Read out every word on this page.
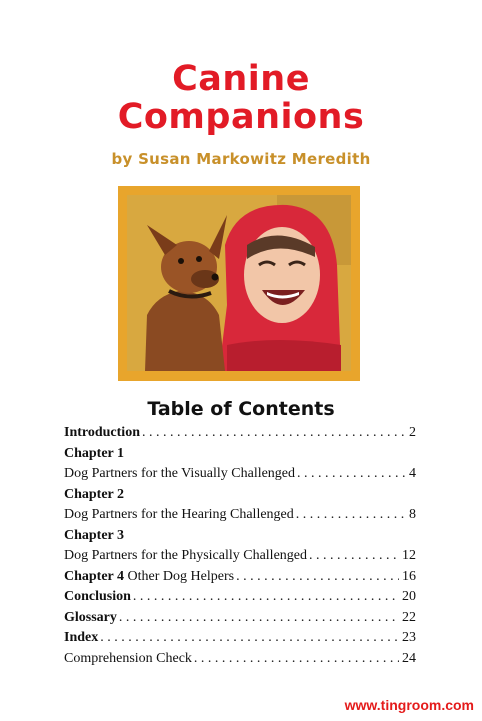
Canine
Companions
by Susan Markowitz Meredith
Table of Contents
Introduction . . .	2
Chapter 1
Dog Partners for the Visually Challenged . . .	4
Chapter 2
Dog Partners for the Hearing Challenged . . .	8
Chapter 3
Dog Partners for the Physically Challenged . . .	12
Chapter 4 Other Dog Helpers . . .	16
Conclusion . . .	20
Glossary . . .	22
Index . . .	23
Comprehension Check . . .	24
www.tingroom.com
